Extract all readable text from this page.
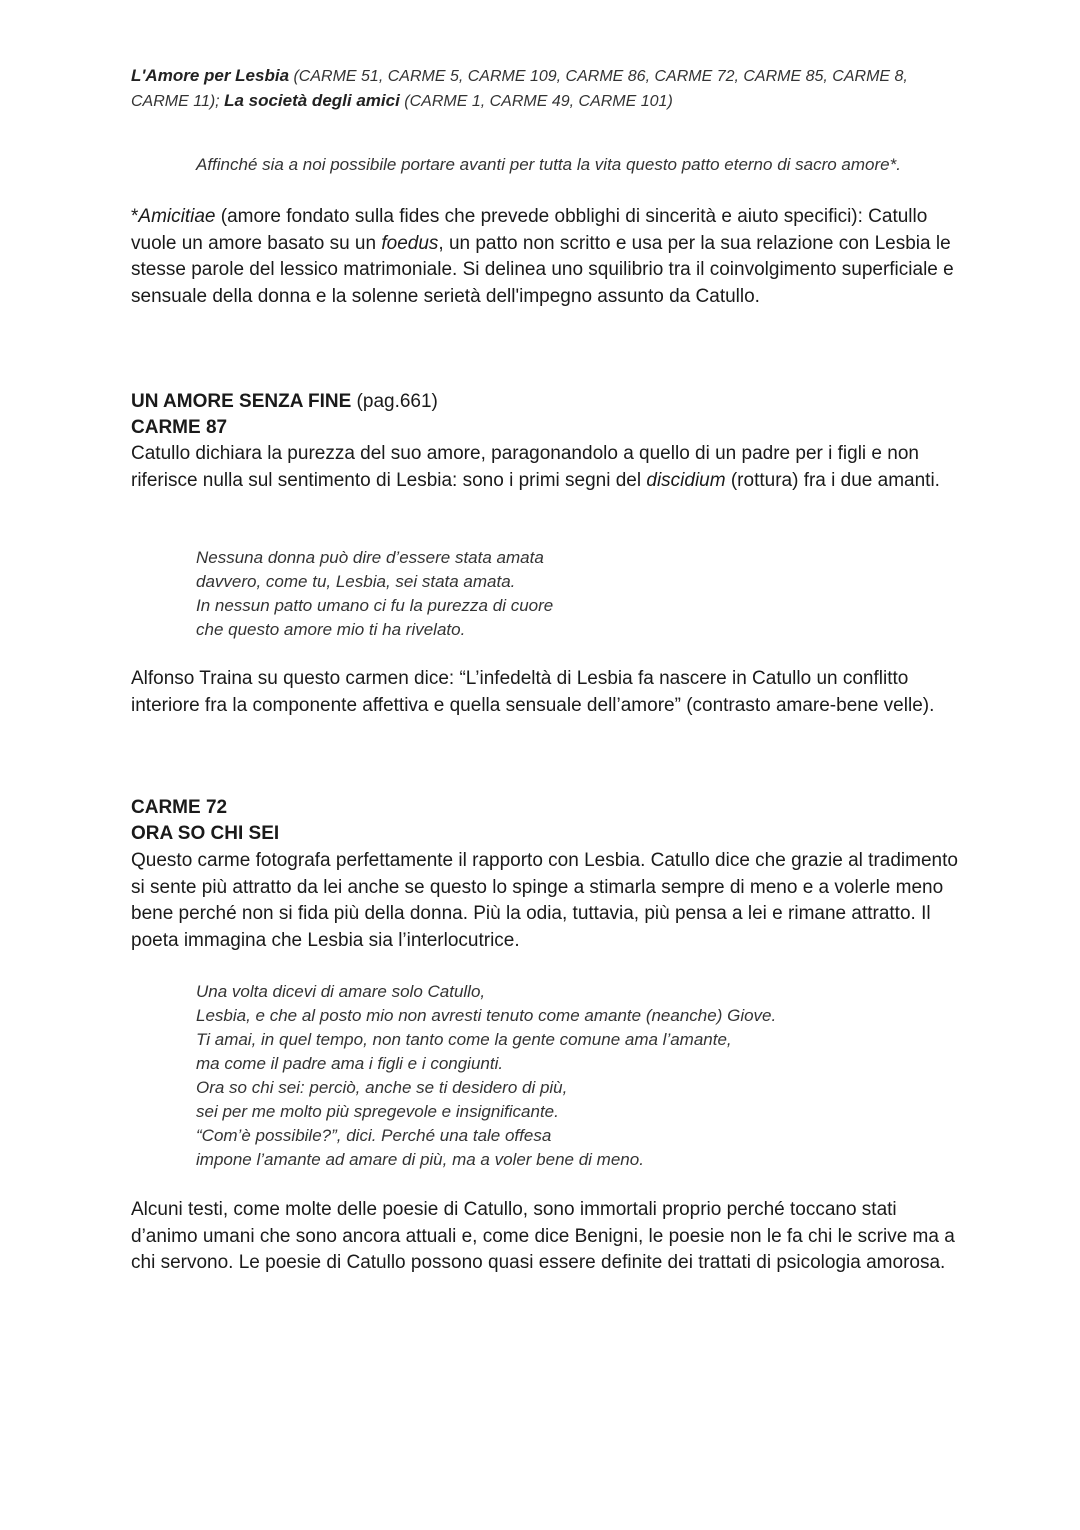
L'Amore per Lesbia (CARME 51, CARME 5, CARME 109, CARME 86, CARME 72, CARME 85, CARME 8, CARME 11); La società degli amici (CARME 1, CARME 49, CARME 101)
Affinché sia a noi possibile portare avanti per tutta la vita questo patto eterno di sacro amore*.
*Amicitiae (amore fondato sulla fides che prevede obblighi di sincerità e aiuto specifici): Catullo vuole un amore basato su un foedus, un patto non scritto e usa per la sua relazione con Lesbia le stesse parole del lessico matrimoniale. Si delinea uno squilibrio tra il coinvolgimento superficiale e sensuale della donna e la solenne serietà dell'impegno assunto da Catullo.
UN AMORE SENZA FINE (pag.661)
CARME 87
Catullo dichiara la purezza del suo amore, paragonandolo a quello di un padre per i figli e non riferisce nulla sul sentimento di Lesbia: sono i primi segni del discidium (rottura) fra i due amanti.
Nessuna donna può dire d’essere stata amata
davvero, come tu, Lesbia, sei stata amata.
In nessun patto umano ci fu la purezza di cuore
che questo amore mio ti ha rivelato.
Alfonso Traina su questo carmen dice: “L’infedeltà di Lesbia fa nascere in Catullo un conflitto interiore fra la componente affettiva e quella sensuale dell’amore” (contrasto amare-bene velle).
CARME 72
ORA SO CHI SEI
Questo carme fotografa perfettamente il rapporto con Lesbia. Catullo dice che grazie al tradimento si sente più attratto da lei anche se questo lo spinge a stimarla sempre di meno e a volerle meno bene perché non si fida più della donna. Più la odia, tuttavia, più pensa a lei e rimane attratto. Il poeta immagina che Lesbia sia l’interlocutrice.
Una volta dicevi di amare solo Catullo,
Lesbia, e che al posto mio non avresti tenuto come amante (neanche) Giove.
Ti amai, in quel tempo, non tanto come la gente comune ama l’amante,
ma come il padre ama i figli e i congiunti.
Ora so chi sei: perciò, anche se ti desidero di più,
sei per me molto più spregevole e insignificante.
“Com’è possibile?”, dici. Perché una tale offesa
impone l’amante ad amare di più, ma a voler bene di meno.
Alcuni testi, come molte delle poesie di Catullo, sono immortali proprio perché toccano stati d’animo umani che sono ancora attuali e, come dice Benigni, le poesie non le fa chi le scrive ma a chi servono. Le poesie di Catullo possono quasi essere definite dei trattati di psicologia amorosa.
